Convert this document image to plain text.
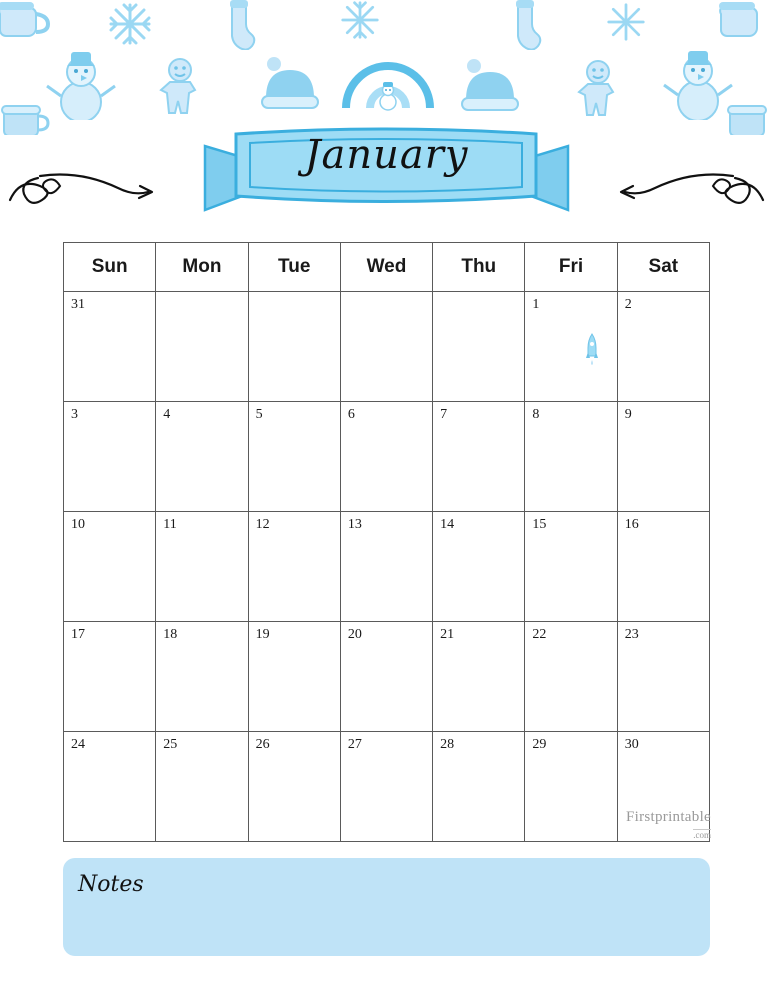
January
Sun	Mon	Tue	Wed	Thu	Fri	Sat

31					1	2

3	4	5	6	7	8	9

10	11	12	13	14	15	16

17	18	19	20	21	22	23

24	25	26	27	28	29	30
Firstprintable
.com
Notes
